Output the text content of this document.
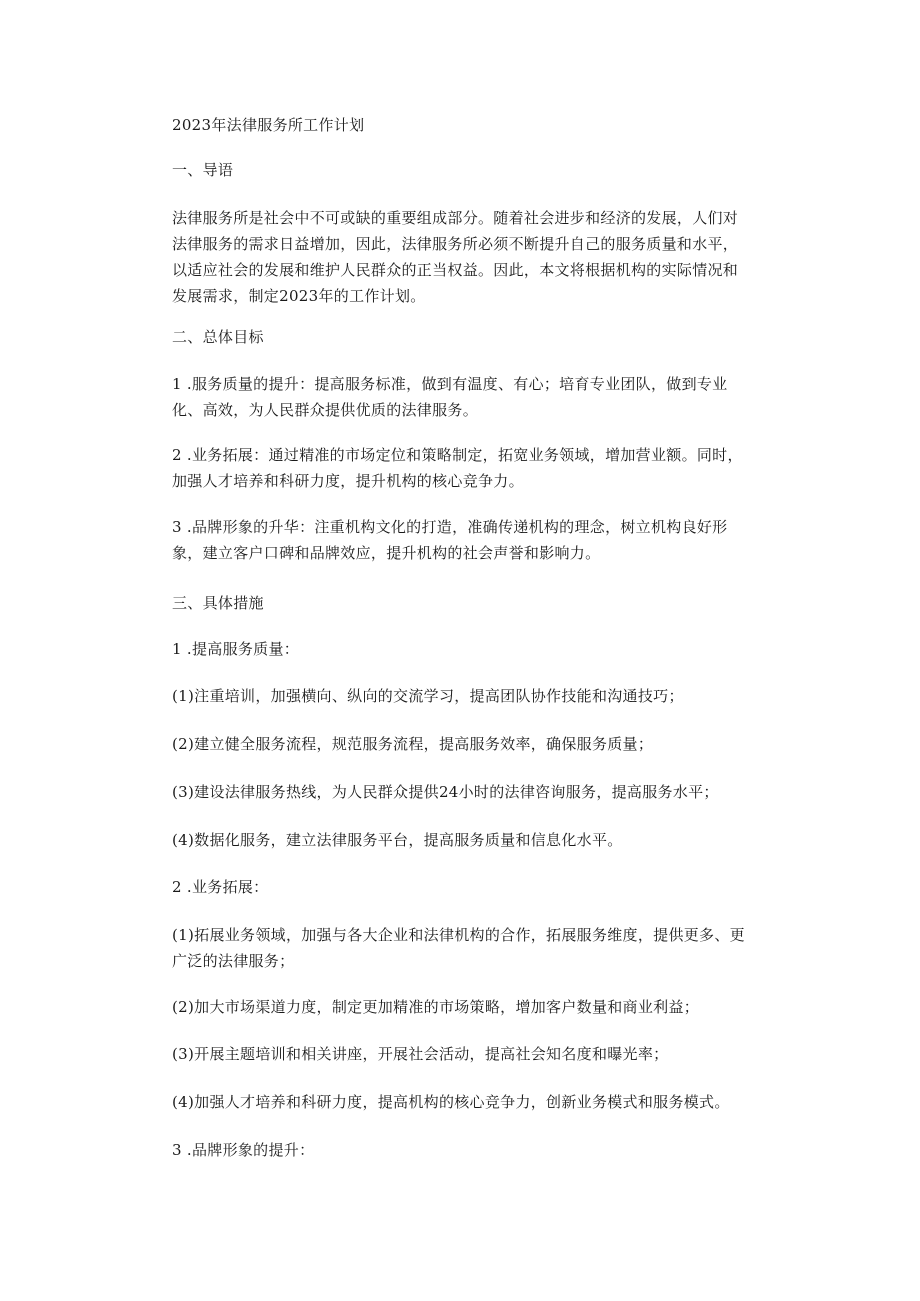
2023年法律服务所工作计划

一、导语

法律服务所是社会中不可或缺的重要组成部分。随着社会进步和经济的发展，人们对
法律服务的需求日益增加，因此，法律服务所必须不断提升自己的服务质量和水平，
以适应社会的发展和维护人民群众的正当权益。因此，本文将根据机构的实际情况和
发展需求，制定2023年的工作计划。

二、总体目标

1 .服务质量的提升：提高服务标准，做到有温度、有心；培育专业团队，做到专业
化、高效，为人民群众提供优质的法律服务。

2 .业务拓展：通过精准的市场定位和策略制定，拓宽业务领域，增加营业额。同时，
加强人才培养和科研力度，提升机构的核心竞争力。

3 .品牌形象的升华：注重机构文化的打造，准确传递机构的理念，树立机构良好形
象，建立客户口碑和品牌效应，提升机构的社会声誉和影响力。

三、具体措施

1 .提高服务质量：

(1)注重培训，加强横向、纵向的交流学习，提高团队协作技能和沟通技巧；

(2)建立健全服务流程，规范服务流程，提高服务效率，确保服务质量；

(3)建设法律服务热线，为人民群众提供24小时的法律咨询服务，提高服务水平；

(4)数据化服务，建立法律服务平台，提高服务质量和信息化水平。

2 .业务拓展：

(1)拓展业务领域，加强与各大企业和法律机构的合作，拓展服务维度，提供更多、更
广泛的法律服务；

(2)加大市场渠道力度，制定更加精准的市场策略，增加客户数量和商业利益；

(3)开展主题培训和相关讲座，开展社会活动，提高社会知名度和曝光率；

(4)加强人才培养和科研力度，提高机构的核心竞争力，创新业务模式和服务模式。

3 .品牌形象的提升：
